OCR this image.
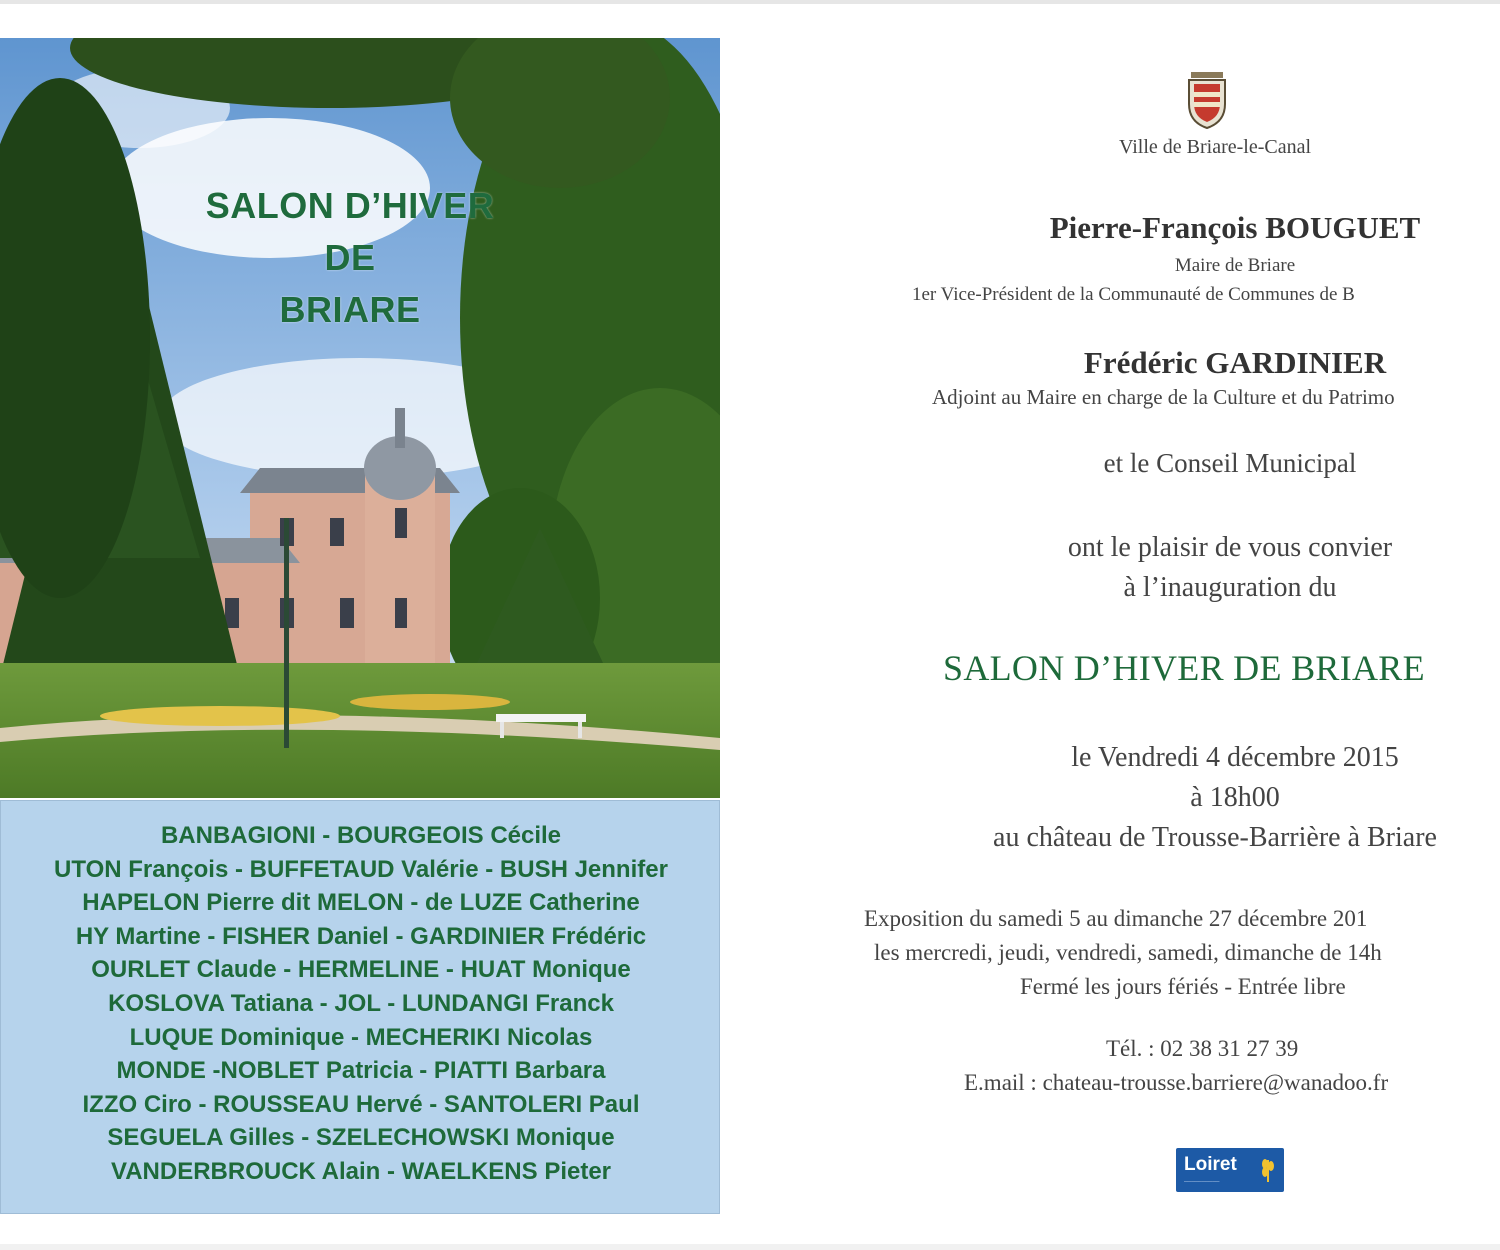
SALON D’HIVER
DE
BRIARE
BANBAGIONI - BOURGEOIS Cécile
UTON François - BUFFETAUD Valérie - BUSH Jennifer
HAPELON Pierre dit MELON - de LUZE Catherine
HY Martine - FISHER Daniel - GARDINIER Frédéric
OURLET Claude - HERMELINE - HUAT Monique
KOSLOVA Tatiana - JOL - LUNDANGI Franck
LUQUE Dominique - MECHERIKI Nicolas
MONDE -NOBLET Patricia - PIATTI Barbara
IZZO Ciro - ROUSSEAU Hervé - SANTOLERI Paul
SEGUELA Gilles - SZELECHOWSKI Monique
VANDERBROUCK Alain - WAELKENS Pieter
Ville de Briare-le-Canal
Pierre-François BOUGUET
Maire de Briare
1er Vice-Président de la Communauté de Communes de B
Frédéric GARDINIER
Adjoint au Maire en charge de la Culture et du Patrimo
et le Conseil Municipal
ont le plaisir de vous convier
à l’inauguration du
SALON D’HIVER DE BRIARE
le Vendredi 4 décembre 2015
à 18h00
au château de Trousse-Barrière à Briare
Exposition du samedi 5 au dimanche 27 décembre 201
les mercredi, jeudi, vendredi, samedi, dimanche de 14h
Fermé les jours fériés - Entrée libre
Tél. : 02 38 31 27 39
E.mail : chateau-trousse.barriere@wanadoo.fr
Loiret
──────────
